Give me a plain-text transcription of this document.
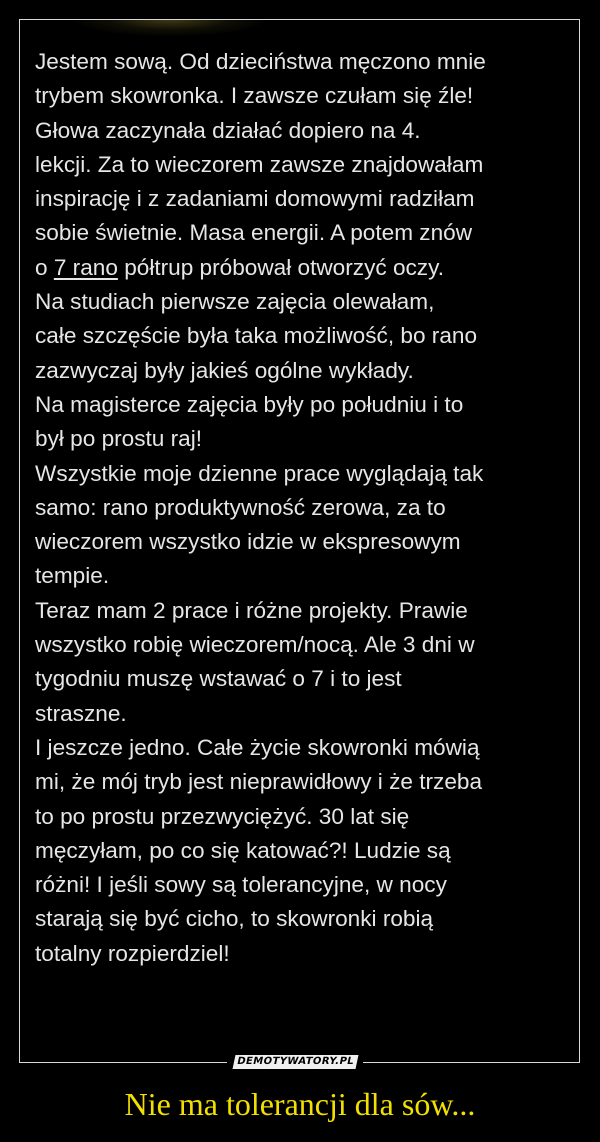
Jestem sową. Od dzieciństwa męczono mnie
trybem skowronka. I zawsze czułam się źle!
Głowa zaczynała działać dopiero na 4.
lekcji. Za to wieczorem zawsze znajdowałam
inspirację i z zadaniami domowymi radziłam
sobie świetnie. Masa energii. A potem znów
o 7 rano półtrup próbował otworzyć oczy.
Na studiach pierwsze zajęcia olewałam,
całe szczęście była taka możliwość, bo rano
zazwyczaj były jakieś ogólne wykłady.
Na magisterce zajęcia były po południu i to
był po prostu raj!
Wszystkie moje dzienne prace wyglądają tak
samo: rano produktywność zerowa, za to
wieczorem wszystko idzie w ekspresowym
tempie.
Teraz mam 2 prace i różne projekty. Prawie
wszystko robię wieczorem/nocą. Ale 3 dni w
tygodniu muszę wstawać o 7 i to jest
straszne.
I jeszcze jedno. Całe życie skowronki mówią
mi, że mój tryb jest nieprawidłowy i że trzeba
to po prostu przezwyciężyć. 30 lat się
męczyłam, po co się katować?! Ludzie są
różni! I jeśli sowy są tolerancyjne, w nocy
starają się być cicho, to skowronki robią
totalny rozpierdziel!
DEMOTYWATORY.PL
Nie ma tolerancji dla sów...
